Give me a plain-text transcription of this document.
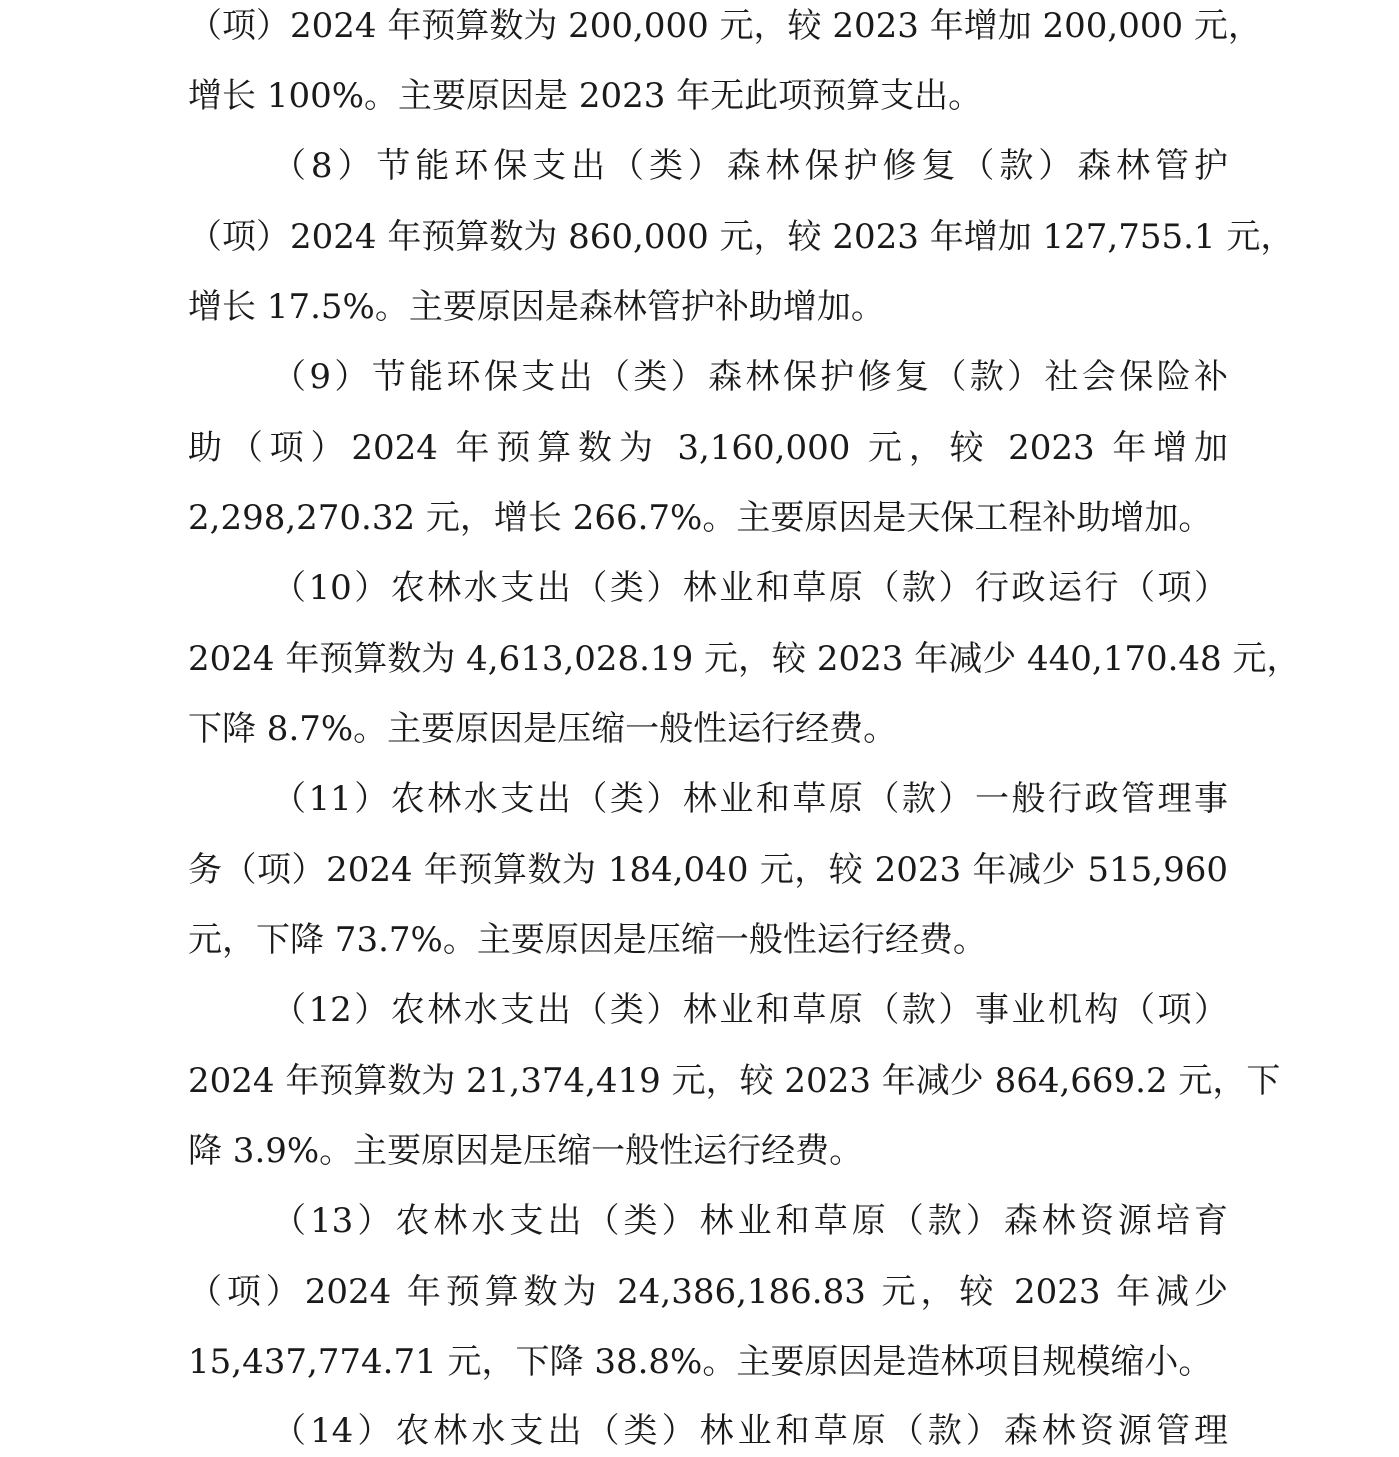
（项）2024 年预算数为 200,000 元，较 2023 年增加 200,000 元，
增长 100%。主要原因是 2023 年无此项预算支出。
（8）节能环保支出（类）森林保护修复（款）森林管护
（项）2024 年预算数为 860,000 元，较 2023 年增加 127,755.1 元，
增长 17.5%。主要原因是森林管护补助增加。
（9）节能环保支出（类）森林保护修复（款）社会保险补
助（项）2024 年预算数为 3,160,000 元，较 2023 年增加
2,298,270.32 元，增长 266.7%。主要原因是天保工程补助增加。
（10）农林水支出（类）林业和草原（款）行政运行（项）
2024 年预算数为 4,613,028.19 元，较 2023 年减少 440,170.48 元，
下降 8.7%。主要原因是压缩一般性运行经费。
（11）农林水支出（类）林业和草原（款）一般行政管理事
务（项）2024 年预算数为 184,040 元，较 2023 年减少 515,960
元，下降 73.7%。主要原因是压缩一般性运行经费。
（12）农林水支出（类）林业和草原（款）事业机构（项）
2024 年预算数为 21,374,419 元，较 2023 年减少 864,669.2 元，下
降 3.9%。主要原因是压缩一般性运行经费。
（13）农林水支出（类）林业和草原（款）森林资源培育
（项）2024 年预算数为 24,386,186.83 元，较 2023 年减少
15,437,774.71 元，下降 38.8%。主要原因是造林项目规模缩小。
（14）农林水支出（类）林业和草原（款）森林资源管理
